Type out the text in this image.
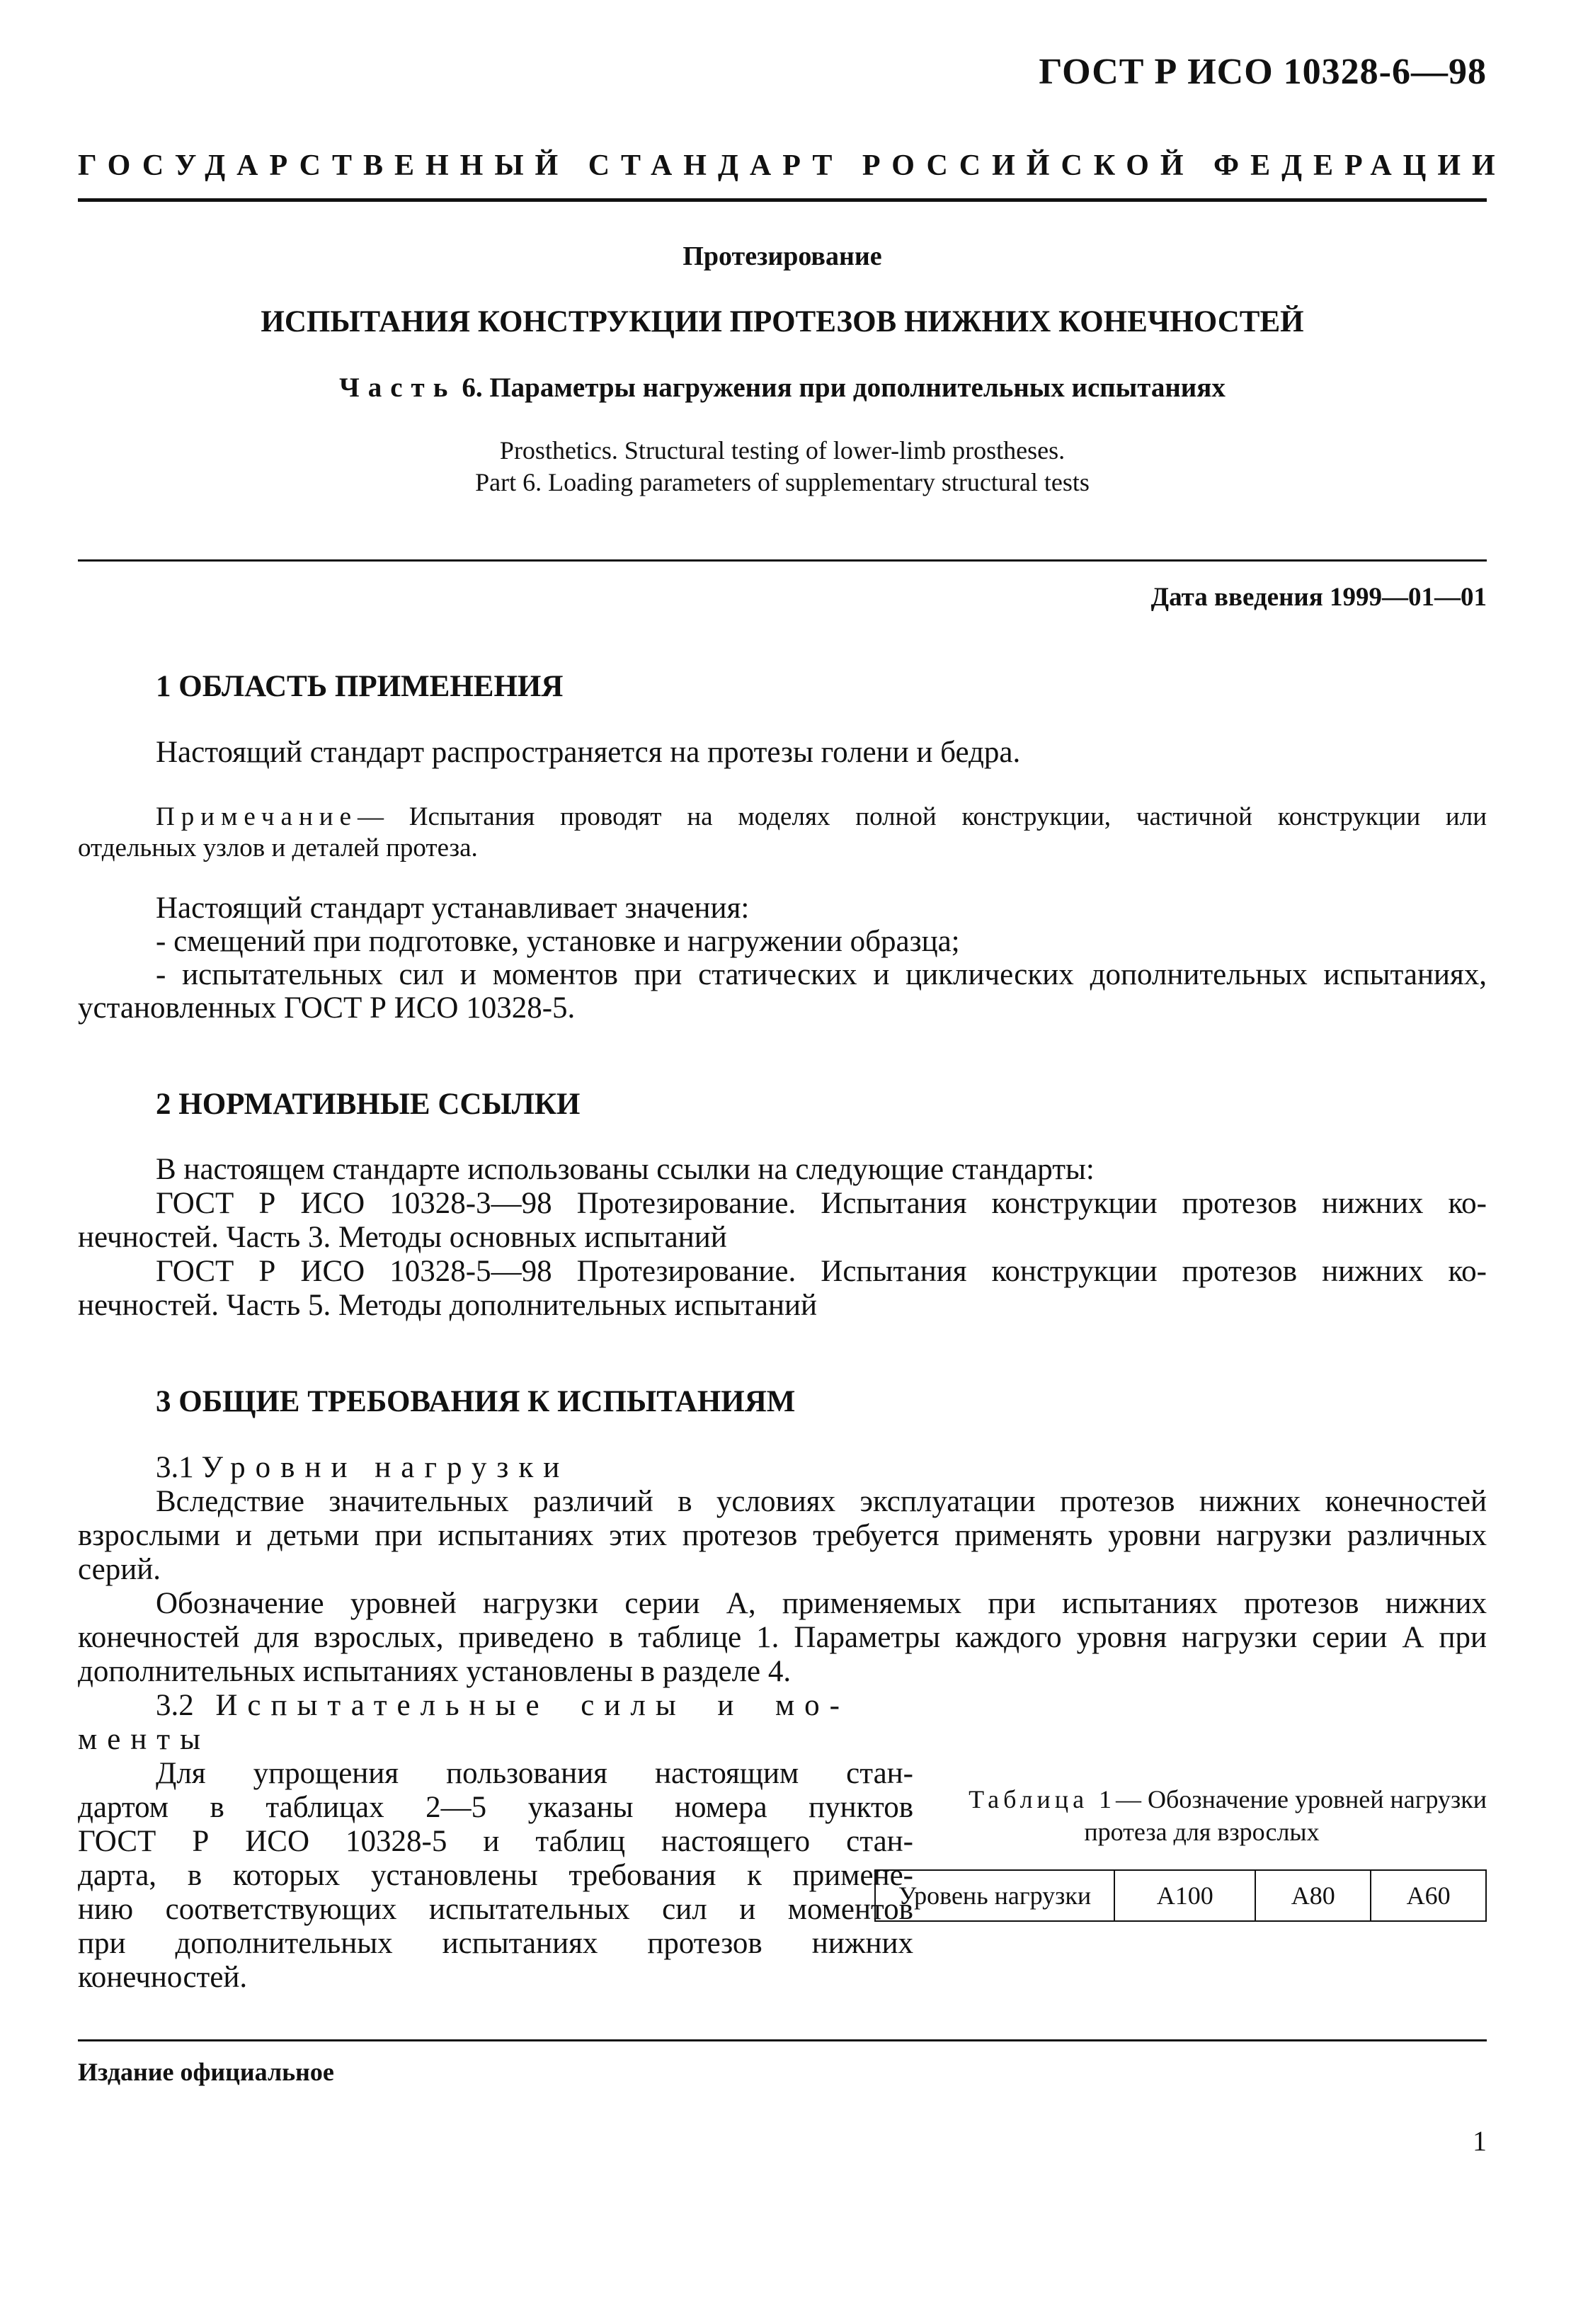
ГОСТ Р ИСО 10328-6—98
ГОСУДАРСТВЕННЫЙ СТАНДАРТ РОССИЙСКОЙ ФЕДЕРАЦИИ
Протезирование
ИСПЫТАНИЯ КОНСТРУКЦИИ ПРОТЕЗОВ НИЖНИХ КОНЕЧНОСТЕЙ
Часть 6. Параметры нагружения при дополнительных испытаниях
Prosthetics. Structural testing of lower-limb prostheses.
Part 6. Loading parameters of supplementary structural tests
Дата введения 1999—01—01
1 ОБЛАСТЬ ПРИМЕНЕНИЯ
Настоящий стандарт распространяется на протезы голени и бедра.
Примечание— Испытания проводят на моделях полной конструкции, частичной конструкции или
отдельных узлов и деталей протеза.
Настоящий стандарт устанавливает значения:
- смещений при подготовке, установке и нагружении образца;
- испытательных сил и моментов при статических и циклических дополнительных испытаниях,
установленных ГОСТ Р ИСО 10328-5.
2 НОРМАТИВНЫЕ ССЫЛКИ
В настоящем стандарте использованы ссылки на следующие стандарты:
ГОСТ Р ИСО 10328-3—98 Протезирование. Испытания конструкции протезов нижних ко-
нечностей. Часть 3. Методы основных испытаний
ГОСТ Р ИСО 10328-5—98 Протезирование. Испытания конструкции протезов нижних ко-
нечностей. Часть 5. Методы дополнительных испытаний
3 ОБЩИЕ ТРЕБОВАНИЯ К ИСПЫТАНИЯМ
3.1 Уровни нагрузки
Вследствие значительных различий в условиях эксплуатации протезов нижних конечностей
взрослыми и детьми при испытаниях этих протезов требуется применять уровни нагрузки различных
серий.
Обозначение уровней нагрузки серии А, применяемых при испытаниях протезов нижних
конечностей для взрослых, приведено в таблице 1. Параметры каждого уровня нагрузки серии А при
дополнительных испытаниях установлены в разделе 4.
3.2 Испытательные силы и мо-
менты
Для упрощения пользования настоящим стан-
дартом в таблицах 2—5 указаны номера пунктов
ГОСТ Р ИСО 10328-5 и таблиц настоящего стан-
дарта, в которых установлены требования к примене-
нию соответствующих испытательных сил и моментов
при дополнительных испытаниях протезов нижних
конечностей.
Таблица 1— Обозначение уровней нагрузки
протеза для взрослых
Уровень нагрузки	A100	A80	A60
Издание официальное
1
